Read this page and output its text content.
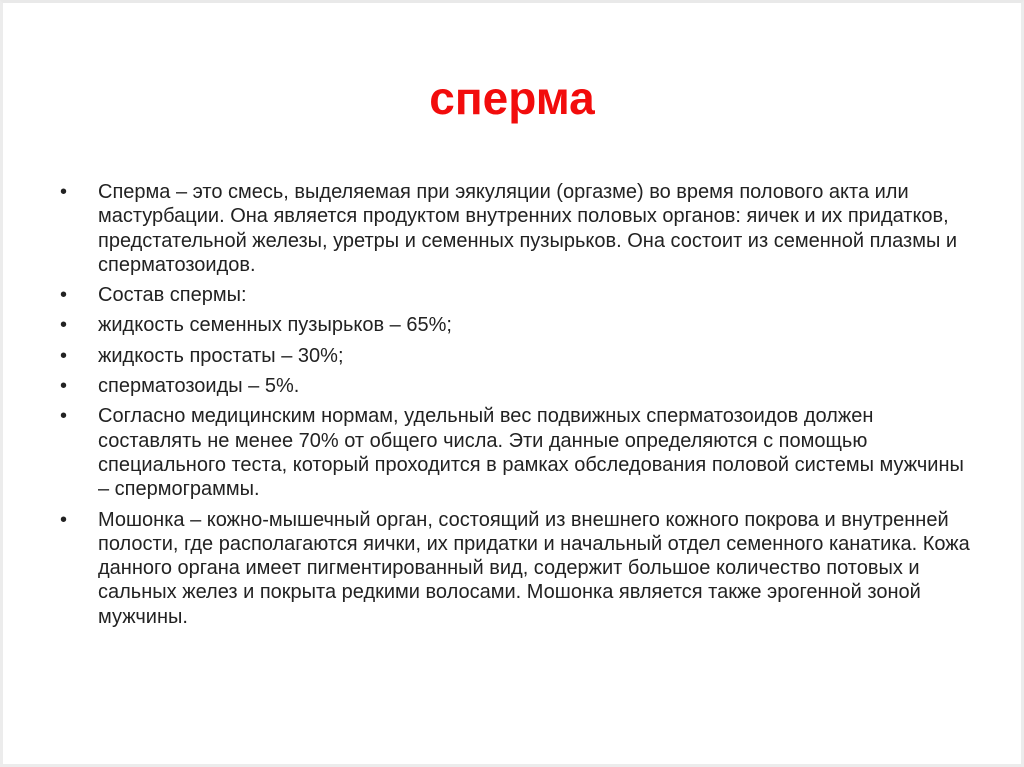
сперма
•	Сперма – это смесь, выделяемая при эякуляции (оргазме) во время полового акта или мастурбации. Она является продуктом внутренних половых органов: яичек и их придатков, предстательной железы, уретры и семенных пузырьков. Она состоит из семенной плазмы и сперматозоидов.
•	Состав спермы:
•	жидкость семенных пузырьков – 65%;
•	жидкость простаты – 30%;
•	сперматозоиды – 5%.
•	Согласно медицинским нормам, удельный вес подвижных сперматозоидов должен составлять не менее 70% от общего числа. Эти данные определяются с помощью специального теста, который проходится в рамках обследования половой системы мужчины – спермограммы.
•	Мошонка – кожно-мышечный орган, состоящий из внешнего кожного покрова и внутренней полости, где располагаются яички, их придатки и начальный отдел семенного канатика. Кожа данного органа имеет пигментированный вид, содержит большое количество потовых и сальных желез и покрыта редкими волосами. Мошонка является также эрогенной зоной мужчины.
